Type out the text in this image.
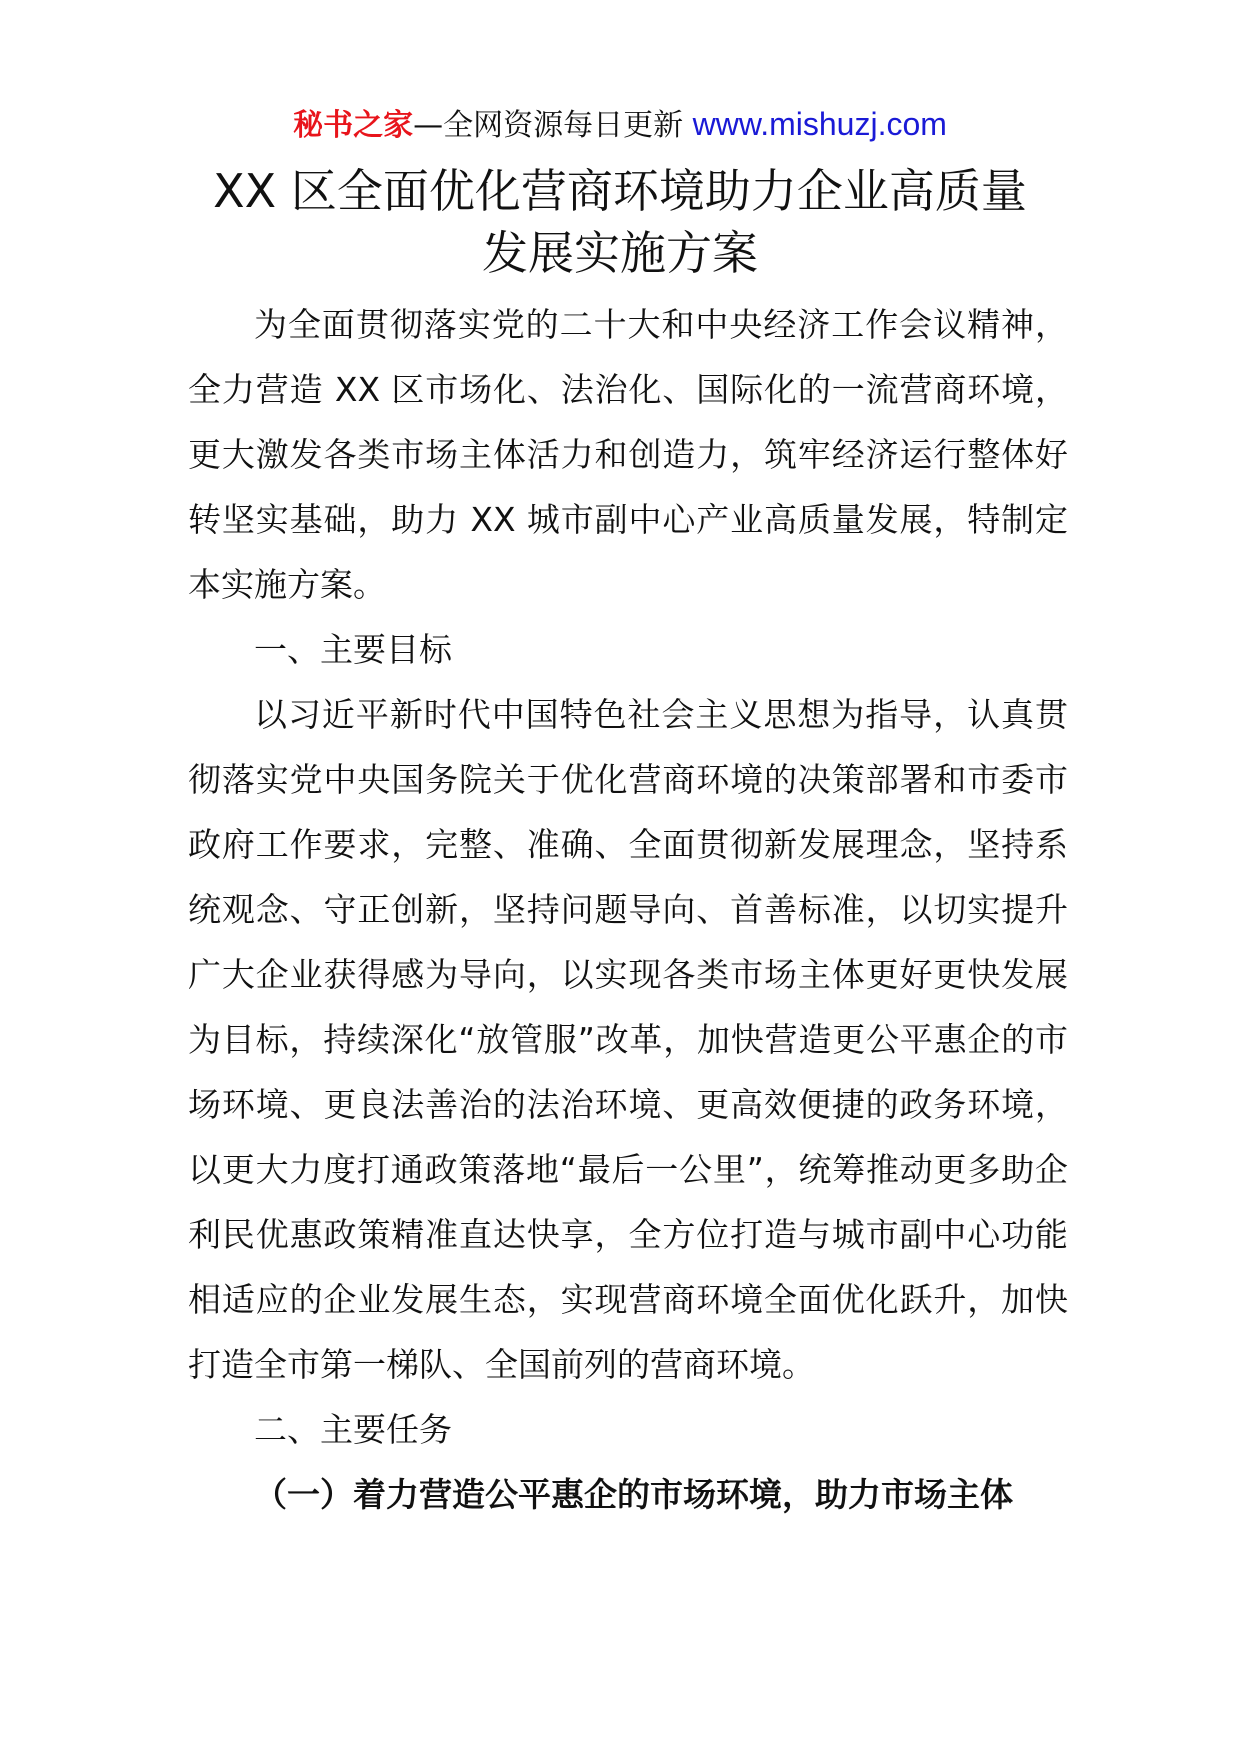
秘书之家—全网资源每日更新 www.mishuzj.com
XX 区全面优化营商环境助力企业高质量
发展实施方案

为全面贯彻落实党的二十大和中央经济工作会议精神，全力营造 XX 区市场化、法治化、国际化的一流营商环境，更大激发各类市场主体活力和创造力，筑牢经济运行整体好转坚实基础，助力 XX 城市副中心产业高质量发展，特制定本实施方案。

一、主要目标

以习近平新时代中国特色社会主义思想为指导，认真贯彻落实党中央国务院关于优化营商环境的决策部署和市委市政府工作要求，完整、准确、全面贯彻新发展理念，坚持系统观念、守正创新，坚持问题导向、首善标准，以切实提升广大企业获得感为导向，以实现各类市场主体更好更快发展为目标，持续深化“放管服”改革，加快营造更公平惠企的市场环境、更良法善治的法治环境、更高效便捷的政务环境，以更大力度打通政策落地“最后一公里”，统筹推动更多助企利民优惠政策精准直达快享，全方位打造与城市副中心功能相适应的企业发展生态，实现营商环境全面优化跃升，加快打造全市第一梯队、全国前列的营商环境。

二、主要任务

（一）着力营造公平惠企的市场环境，助力市场主体
